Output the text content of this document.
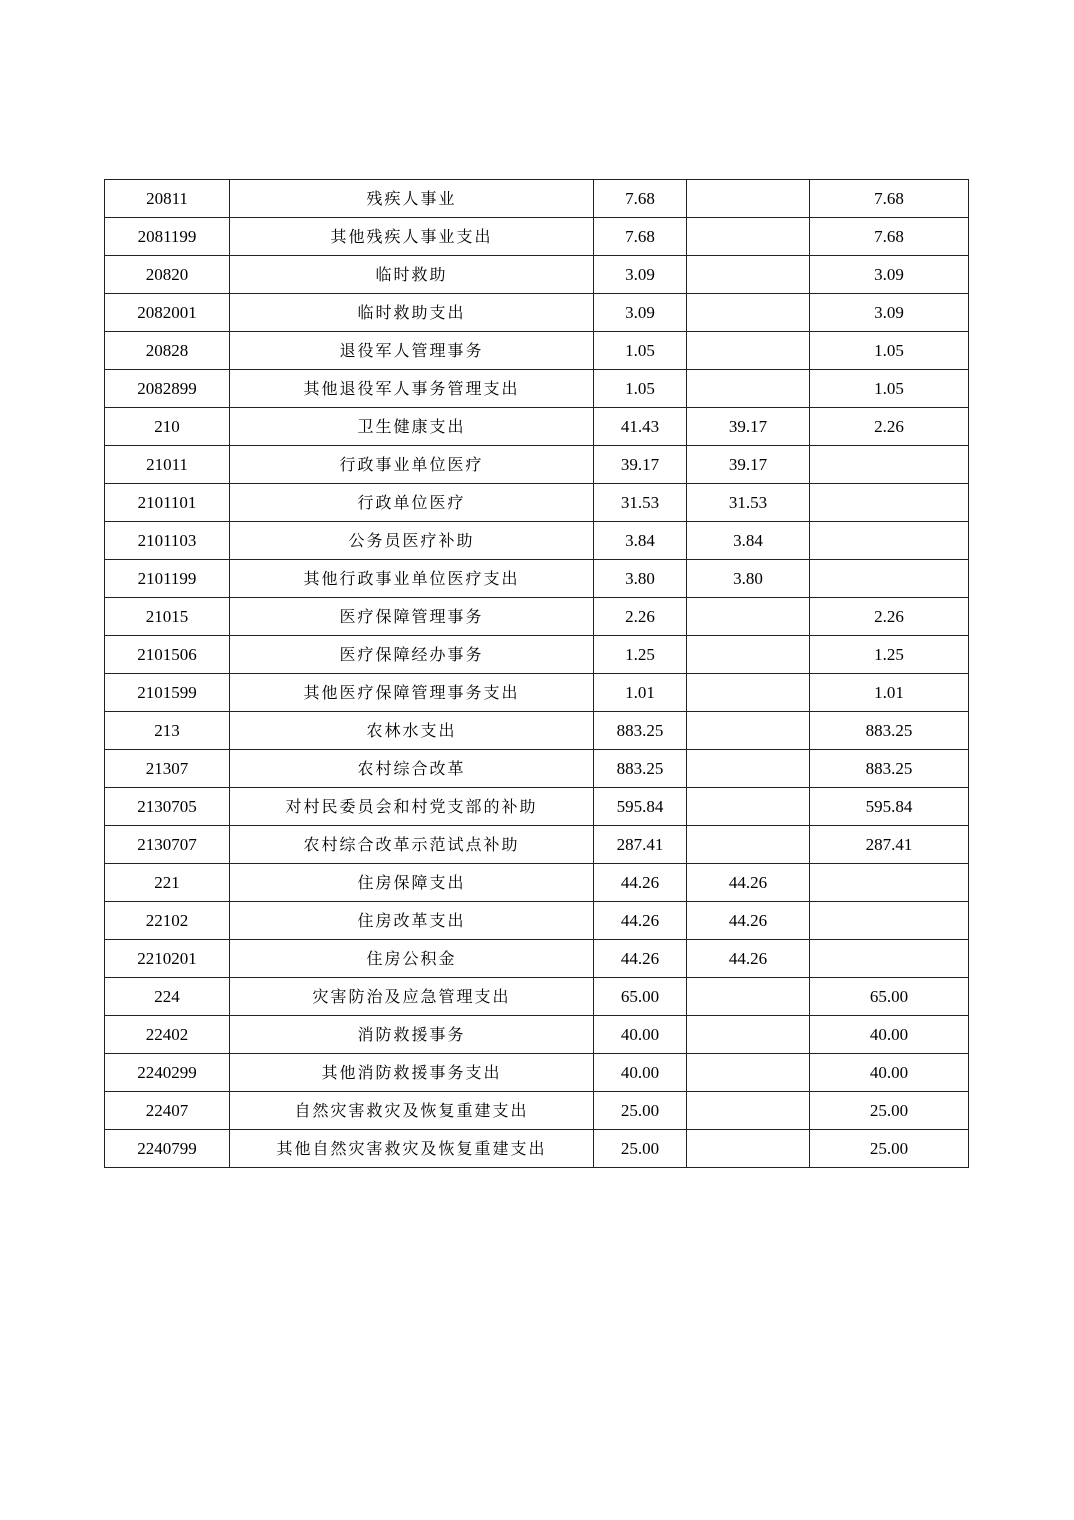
20811	残疾人事业	7.68		7.68
2081199	其他残疾人事业支出	7.68		7.68
20820	临时救助	3.09		3.09
2082001	临时救助支出	3.09		3.09
20828	退役军人管理事务	1.05		1.05
2082899	其他退役军人事务管理支出	1.05		1.05
210	卫生健康支出	41.43	39.17	2.26
21011	行政事业单位医疗	39.17	39.17	
2101101	行政单位医疗	31.53	31.53	
2101103	公务员医疗补助	3.84	3.84	
2101199	其他行政事业单位医疗支出	3.80	3.80	
21015	医疗保障管理事务	2.26		2.26
2101506	医疗保障经办事务	1.25		1.25
2101599	其他医疗保障管理事务支出	1.01		1.01
213	农林水支出	883.25		883.25
21307	农村综合改革	883.25		883.25
2130705	对村民委员会和村党支部的补助	595.84		595.84
2130707	农村综合改革示范试点补助	287.41		287.41
221	住房保障支出	44.26	44.26	
22102	住房改革支出	44.26	44.26	
2210201	住房公积金	44.26	44.26	
224	灾害防治及应急管理支出	65.00		65.00
22402	消防救援事务	40.00		40.00
2240299	其他消防救援事务支出	40.00		40.00
22407	自然灾害救灾及恢复重建支出	25.00		25.00
2240799	其他自然灾害救灾及恢复重建支出	25.00		25.00
